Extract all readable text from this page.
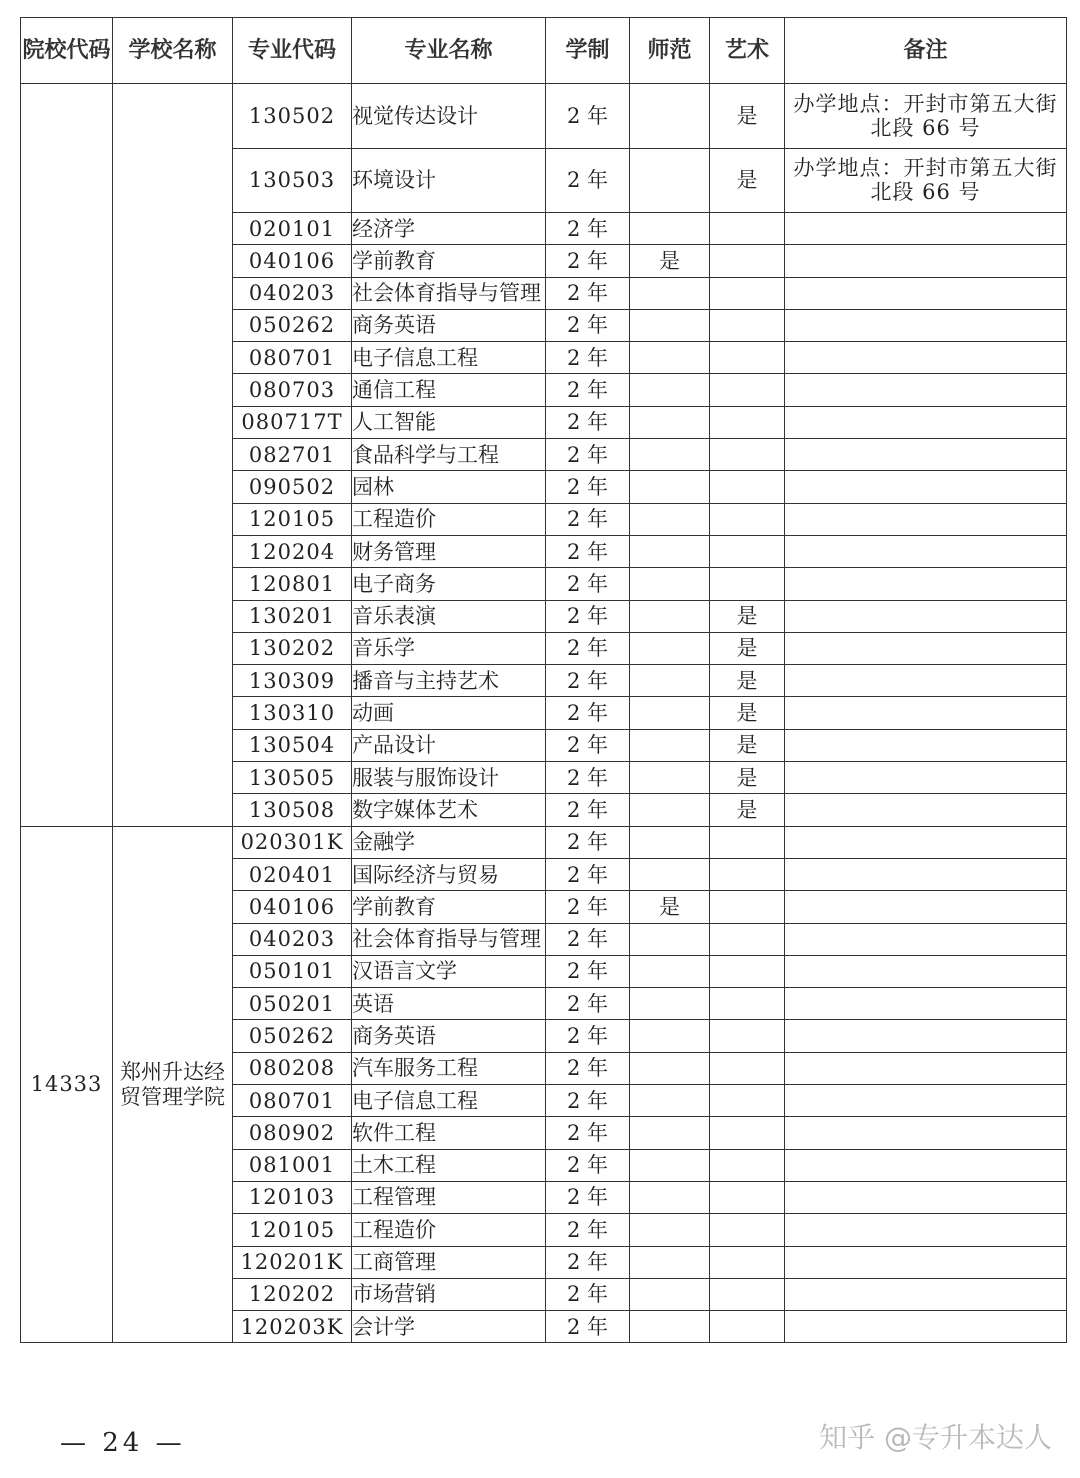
院校代码	学校名称	专业代码	专业名称	学制	师范	艺术	备注
		130502	视觉传达设计	2 年		是	办学地点：开封市第五大街北段 66 号
		130503	环境设计	2 年		是	办学地点：开封市第五大街北段 66 号
		020101	经济学	2 年			
		040106	学前教育	2 年	是		
		040203	社会体育指导与管理	2 年			
		050262	商务英语	2 年			
		080701	电子信息工程	2 年			
		080703	通信工程	2 年			
		080717T	人工智能	2 年			
		082701	食品科学与工程	2 年			
		090502	园林	2 年			
		120105	工程造价	2 年			
		120204	财务管理	2 年			
		120801	电子商务	2 年			
		130201	音乐表演	2 年		是	
		130202	音乐学	2 年		是	
		130309	播音与主持艺术	2 年		是	
		130310	动画	2 年		是	
		130504	产品设计	2 年		是	
		130505	服装与服饰设计	2 年		是	
		130508	数字媒体艺术	2 年		是	
14333	郑州升达经贸管理学院	020301K	金融学	2 年			
		020401	国际经济与贸易	2 年			
		040106	学前教育	2 年	是		
		040203	社会体育指导与管理	2 年			
		050101	汉语言文学	2 年			
		050201	英语	2 年			
		050262	商务英语	2 年			
		080208	汽车服务工程	2 年			
		080701	电子信息工程	2 年			
		080902	软件工程	2 年			
		081001	土木工程	2 年			
		120103	工程管理	2 年			
		120105	工程造价	2 年			
		120201K	工商管理	2 年			
		120202	市场营销	2 年			
		120203K	会计学	2 年			
— 24 —	知乎 @专升本达人
